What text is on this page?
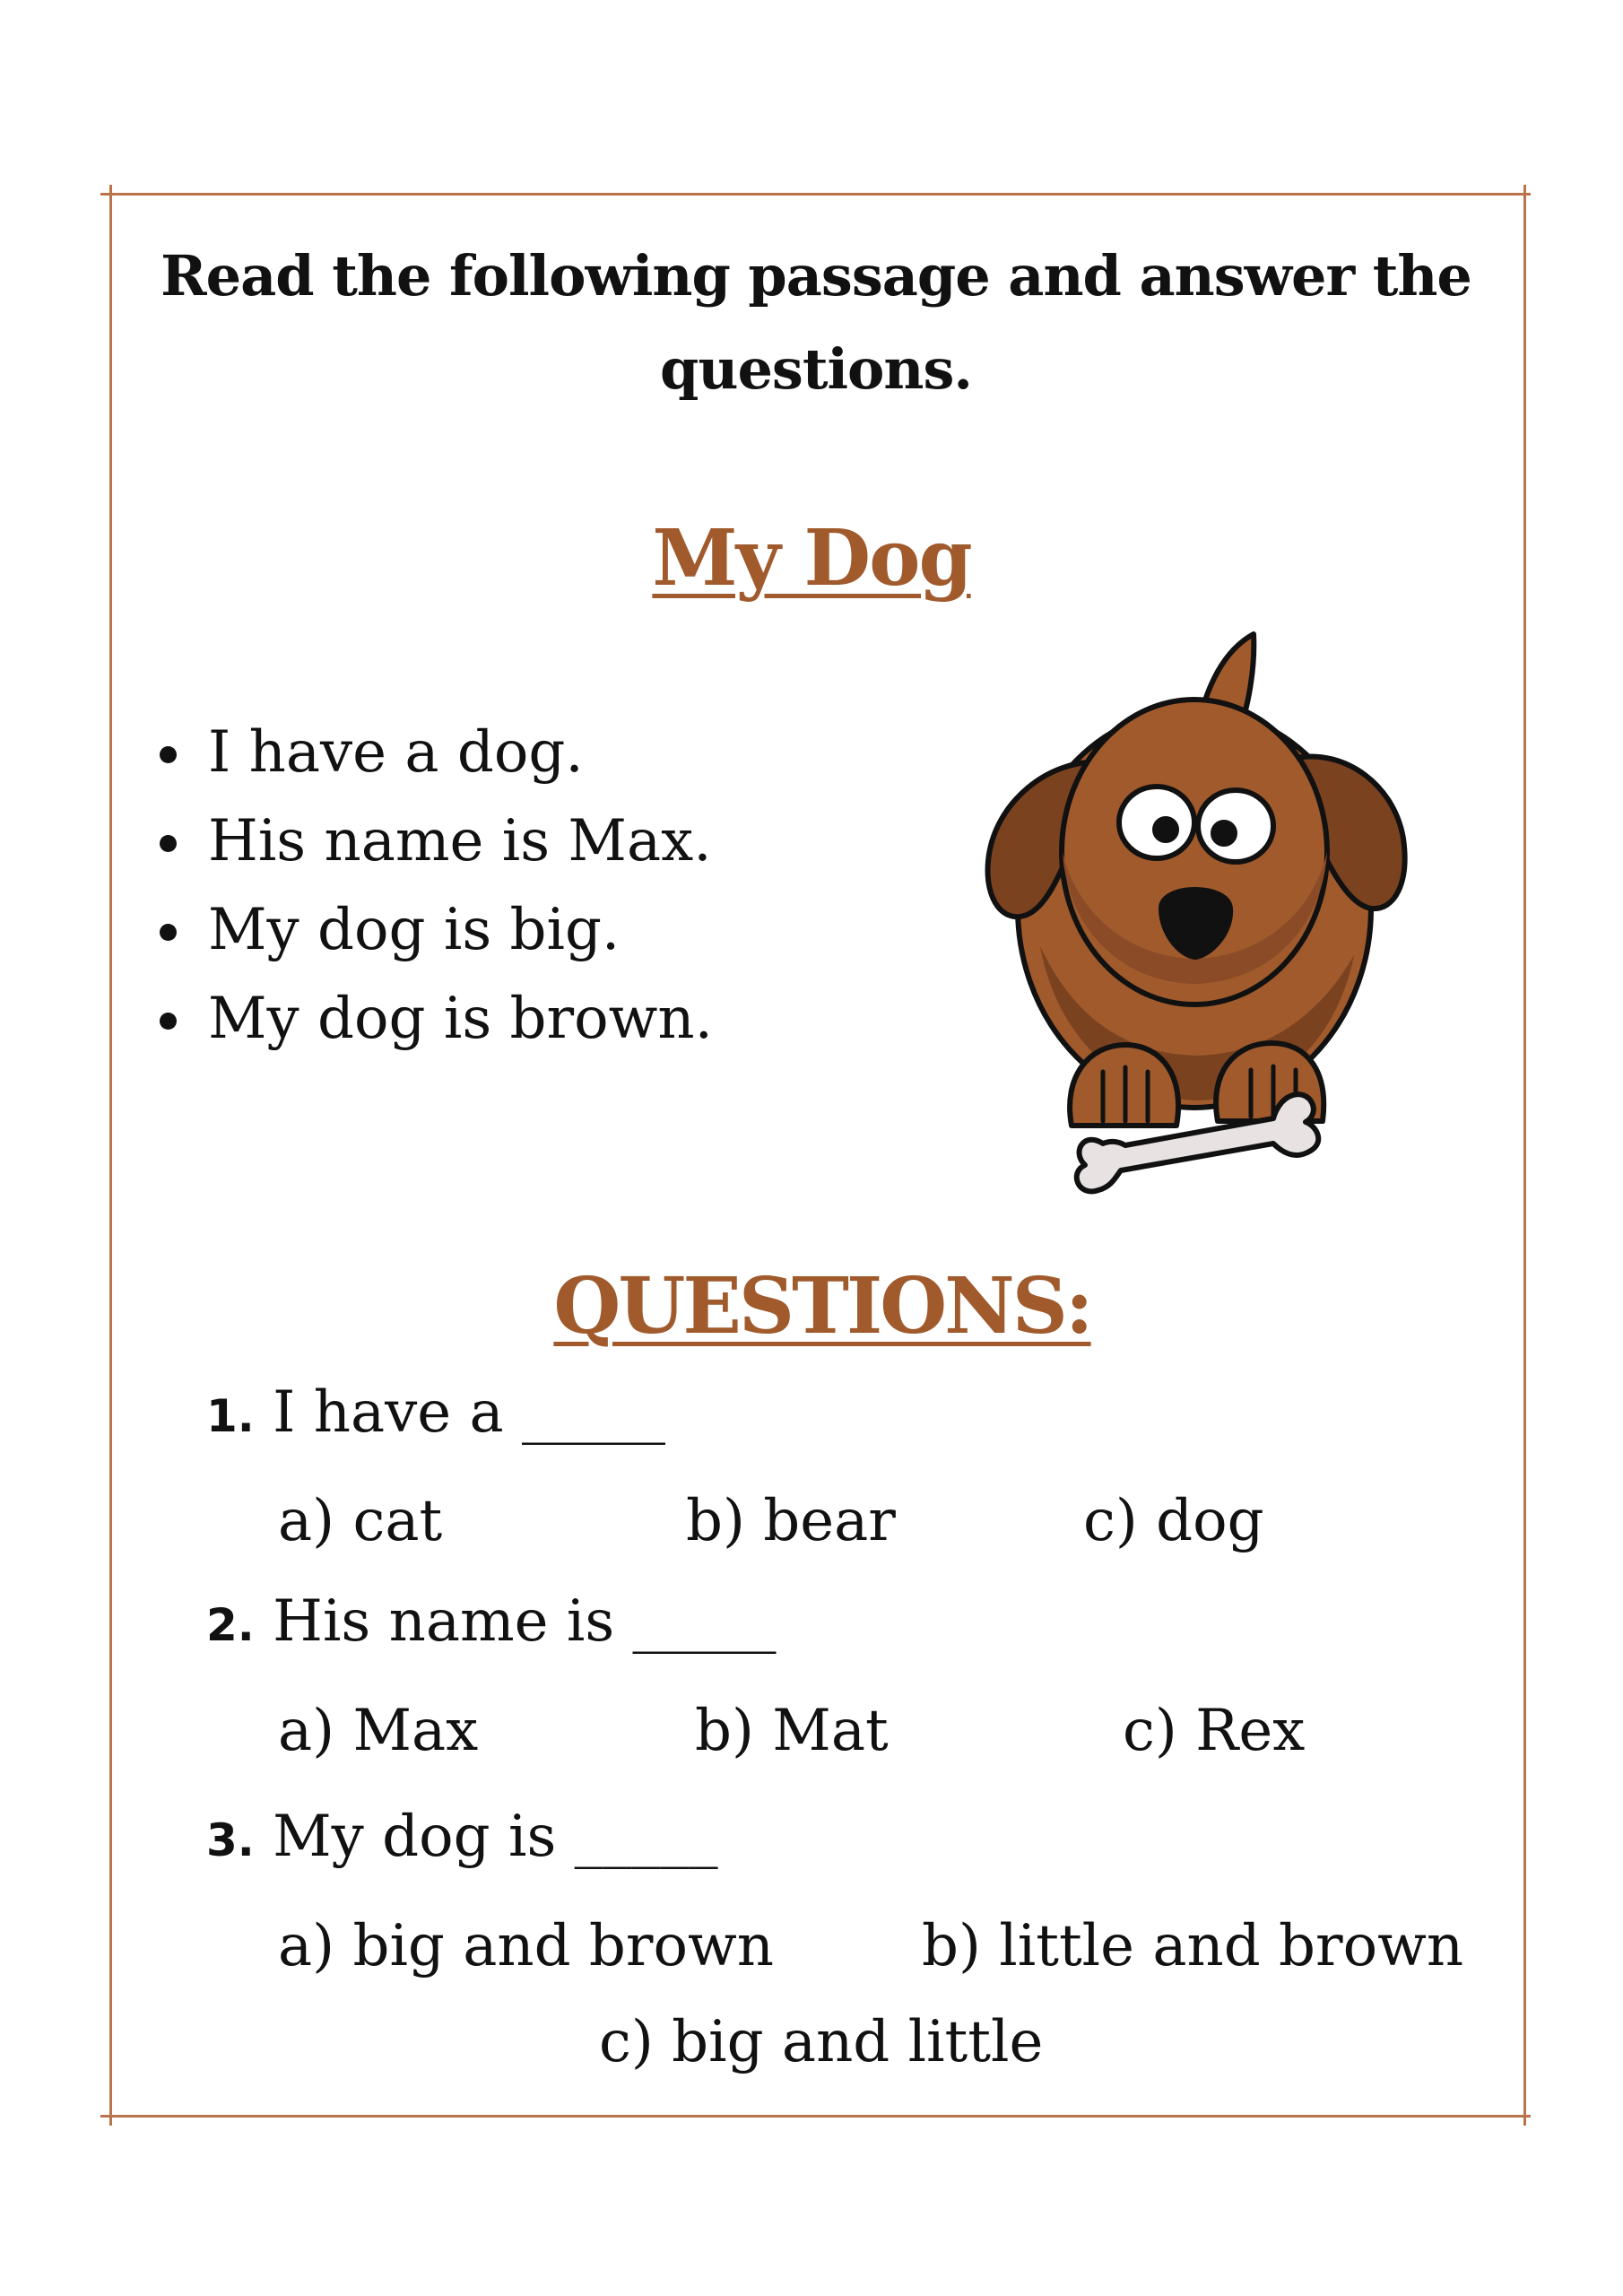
Read the following passage and answer the
questions.
My Dog
I have a dog.
His name is Max.
My dog is big.
My dog is brown.
QUESTIONS:
1. I have a _____
a) cat	b) bear	c) dog
2. His name is _____
a) Max	b) Mat	c) Rex
3. My dog is _____
a) big and brown	b) little and brown
c) big and little
